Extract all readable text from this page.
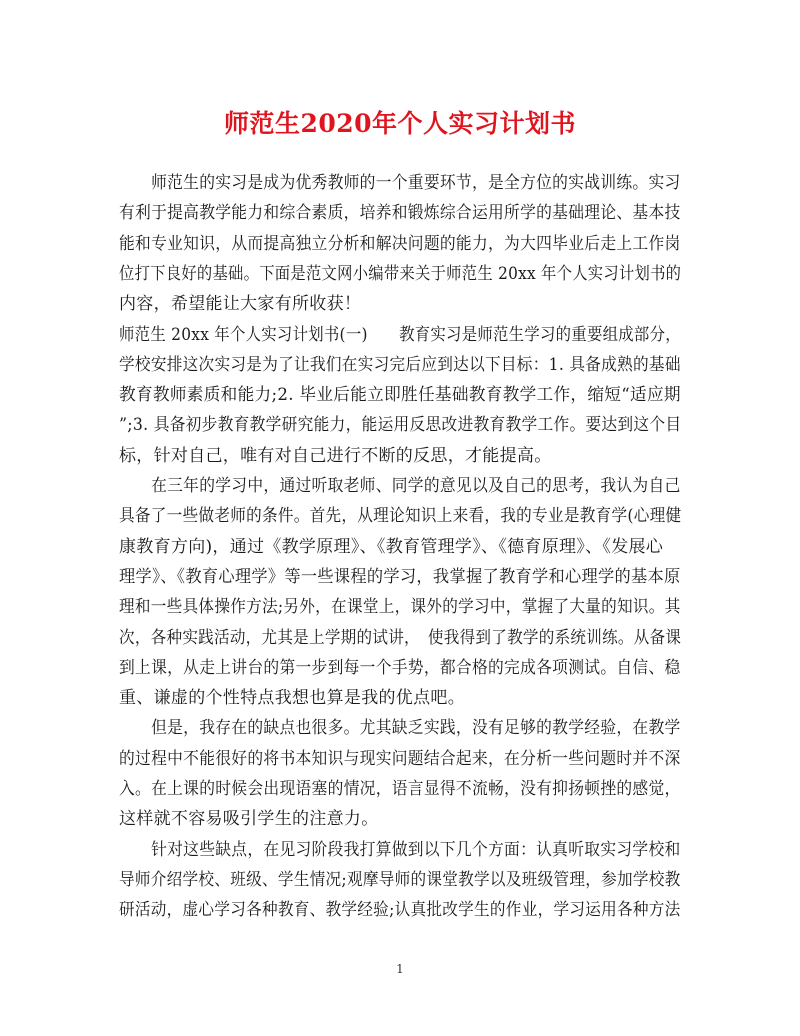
师范生2020年个人实习计划书
　　师范生的实习是成为优秀教师的一个重要环节，是全方位的实战训练。实习
有利于提高教学能力和综合素质，培养和锻炼综合运用所学的基础理论、基本技
能和专业知识，从而提高独立分析和解决问题的能力，为大四毕业后走上工作岗
位打下良好的基础。下面是范文网小编带来关于师范生 20xx 年个人实习计划书的
内容，希望能让大家有所收获！
师范生 20xx 年个人实习计划书(一)　　教育实习是师范生学习的重要组成部分，
学校安排这次实习是为了让我们在实习完后应到达以下目标：1. 具备成熟的基础
教育教师素质和能力;2. 毕业后能立即胜任基础教育教学工作，缩短“适应期
”;3. 具备初步教育教学研究能力，能运用反思改进教育教学工作。要达到这个目
标，针对自己，唯有对自己进行不断的反思，才能提高。
　　在三年的学习中，通过听取老师、同学的意见以及自己的思考，我认为自己
具备了一些做老师的条件。首先，从理论知识上来看，我的专业是教育学(心理健
康教育方向)，通过《教学原理》、《教育管理学》、《德育原理》、《发展心
理学》、《教育心理学》等一些课程的学习，我掌握了教育学和心理学的基本原
理和一些具体操作方法;另外，在课堂上，课外的学习中，掌握了大量的知识。其
次，各种实践活动，尤其是上学期的试讲，　使我得到了教学的系统训练。从备课
到上课，从走上讲台的第一步到每一个手势，都合格的完成各项测试。自信、稳
重、谦虚的个性特点我想也算是我的优点吧。
　　但是，我存在的缺点也很多。尤其缺乏实践，没有足够的教学经验，在教学
的过程中不能很好的将书本知识与现实问题结合起来，在分析一些问题时并不深
入。在上课的时候会出现语塞的情况，语言显得不流畅，没有抑扬顿挫的感觉，
这样就不容易吸引学生的注意力。
　　针对这些缺点，在见习阶段我打算做到以下几个方面：认真听取实习学校和
导师介绍学校、班级、学生情况;观摩导师的课堂教学以及班级管理，参加学校教
研活动，虚心学习各种教育、教学经验;认真批改学生的作业，学习运用各种方法
1
